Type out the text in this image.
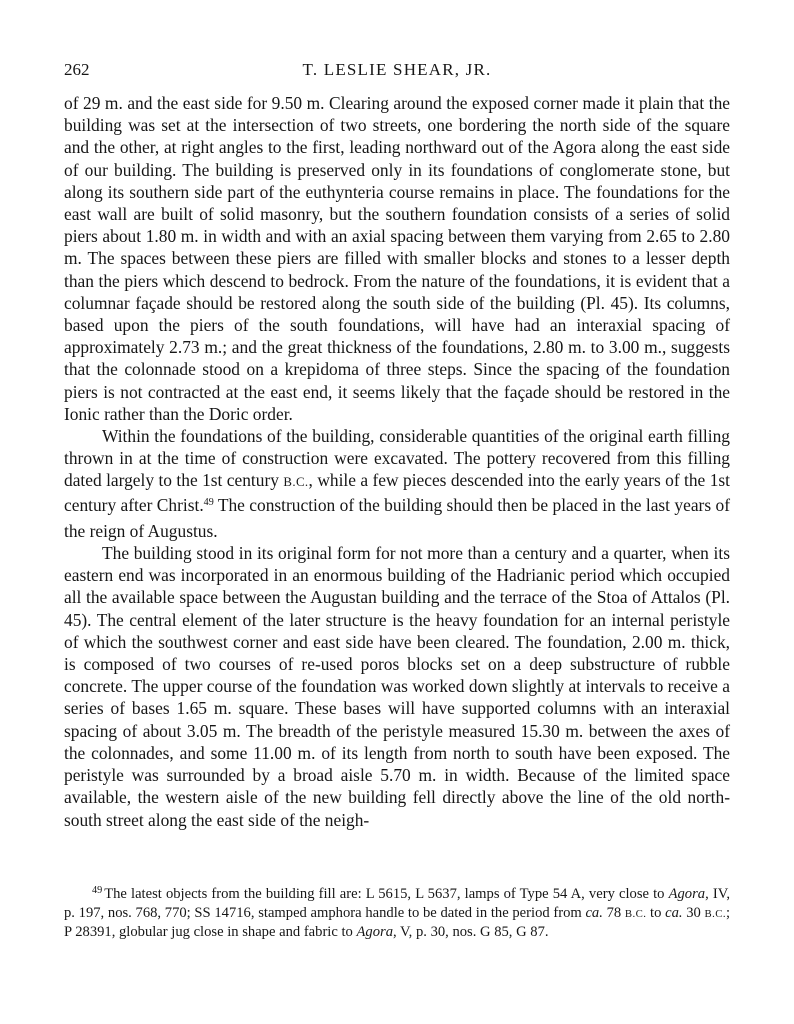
262	T. LESLIE SHEAR, JR.

of 29 m. and the east side for 9.50 m. Clearing around the exposed corner made it plain that the building was set at the intersection of two streets, one bordering the north side of the square and the other, at right angles to the first, leading northward out of the Agora along the east side of our building. The building is preserved only in its foundations of conglomerate stone, but along its southern side part of the euthynteria course remains in place. The foundations for the east wall are built of solid masonry, but the southern foundation consists of a series of solid piers about 1.80 m. in width and with an axial spacing between them varying from 2.65 to 2.80 m. The spaces between these piers are filled with smaller blocks and stones to a lesser depth than the piers which descend to bedrock. From the nature of the foundations, it is evident that a columnar façade should be restored along the south side of the building (Pl. 45). Its columns, based upon the piers of the south foundations, will have had an interaxial spacing of approximately 2.73 m.; and the great thickness of the foundations, 2.80 m. to 3.00 m., suggests that the colonnade stood on a krepidoma of three steps. Since the spacing of the foundation piers is not contracted at the east end, it seems likely that the façade should be restored in the Ionic rather than the Doric order.

Within the foundations of the building, considerable quantities of the original earth filling thrown in at the time of construction were excavated. The pottery recovered from this filling dated largely to the 1st century B.C., while a few pieces descended into the early years of the 1st century after Christ.$^{49}$ The construction of the building should then be placed in the last years of the reign of Augustus.

The building stood in its original form for not more than a century and a quarter, when its eastern end was incorporated in an enormous building of the Hadrianic period which occupied all the available space between the Augustan building and the terrace of the Stoa of Attalos (Pl. 45). The central element of the later structure is the heavy foundation for an internal peristyle of which the southwest corner and east side have been cleared. The foundation, 2.00 m. thick, is composed of two courses of re-used poros blocks set on a deep substructure of rubble concrete. The upper course of the foundation was worked down slightly at intervals to receive a series of bases 1.65 m. square. These bases will have supported columns with an interaxial spacing of about 3.05 m. The breadth of the peristyle measured 15.30 m. between the axes of the colonnades, and some 11.00 m. of its length from north to south have been exposed. The peristyle was surrounded by a broad aisle 5.70 m. in width. Because of the limited space available, the western aisle of the new building fell directly above the line of the old north-south street along the east side of the neigh-

$^{49}$ The latest objects from the building fill are: L 5615, L 5637, lamps of Type 54 A, very close to Agora, IV, p. 197, nos. 768, 770; SS 14716, stamped amphora handle to be dated in the period from ca. 78 B.C. to ca. 30 B.C.; P 28391, globular jug close in shape and fabric to Agora, V, p. 30, nos. G 85, G 87.
